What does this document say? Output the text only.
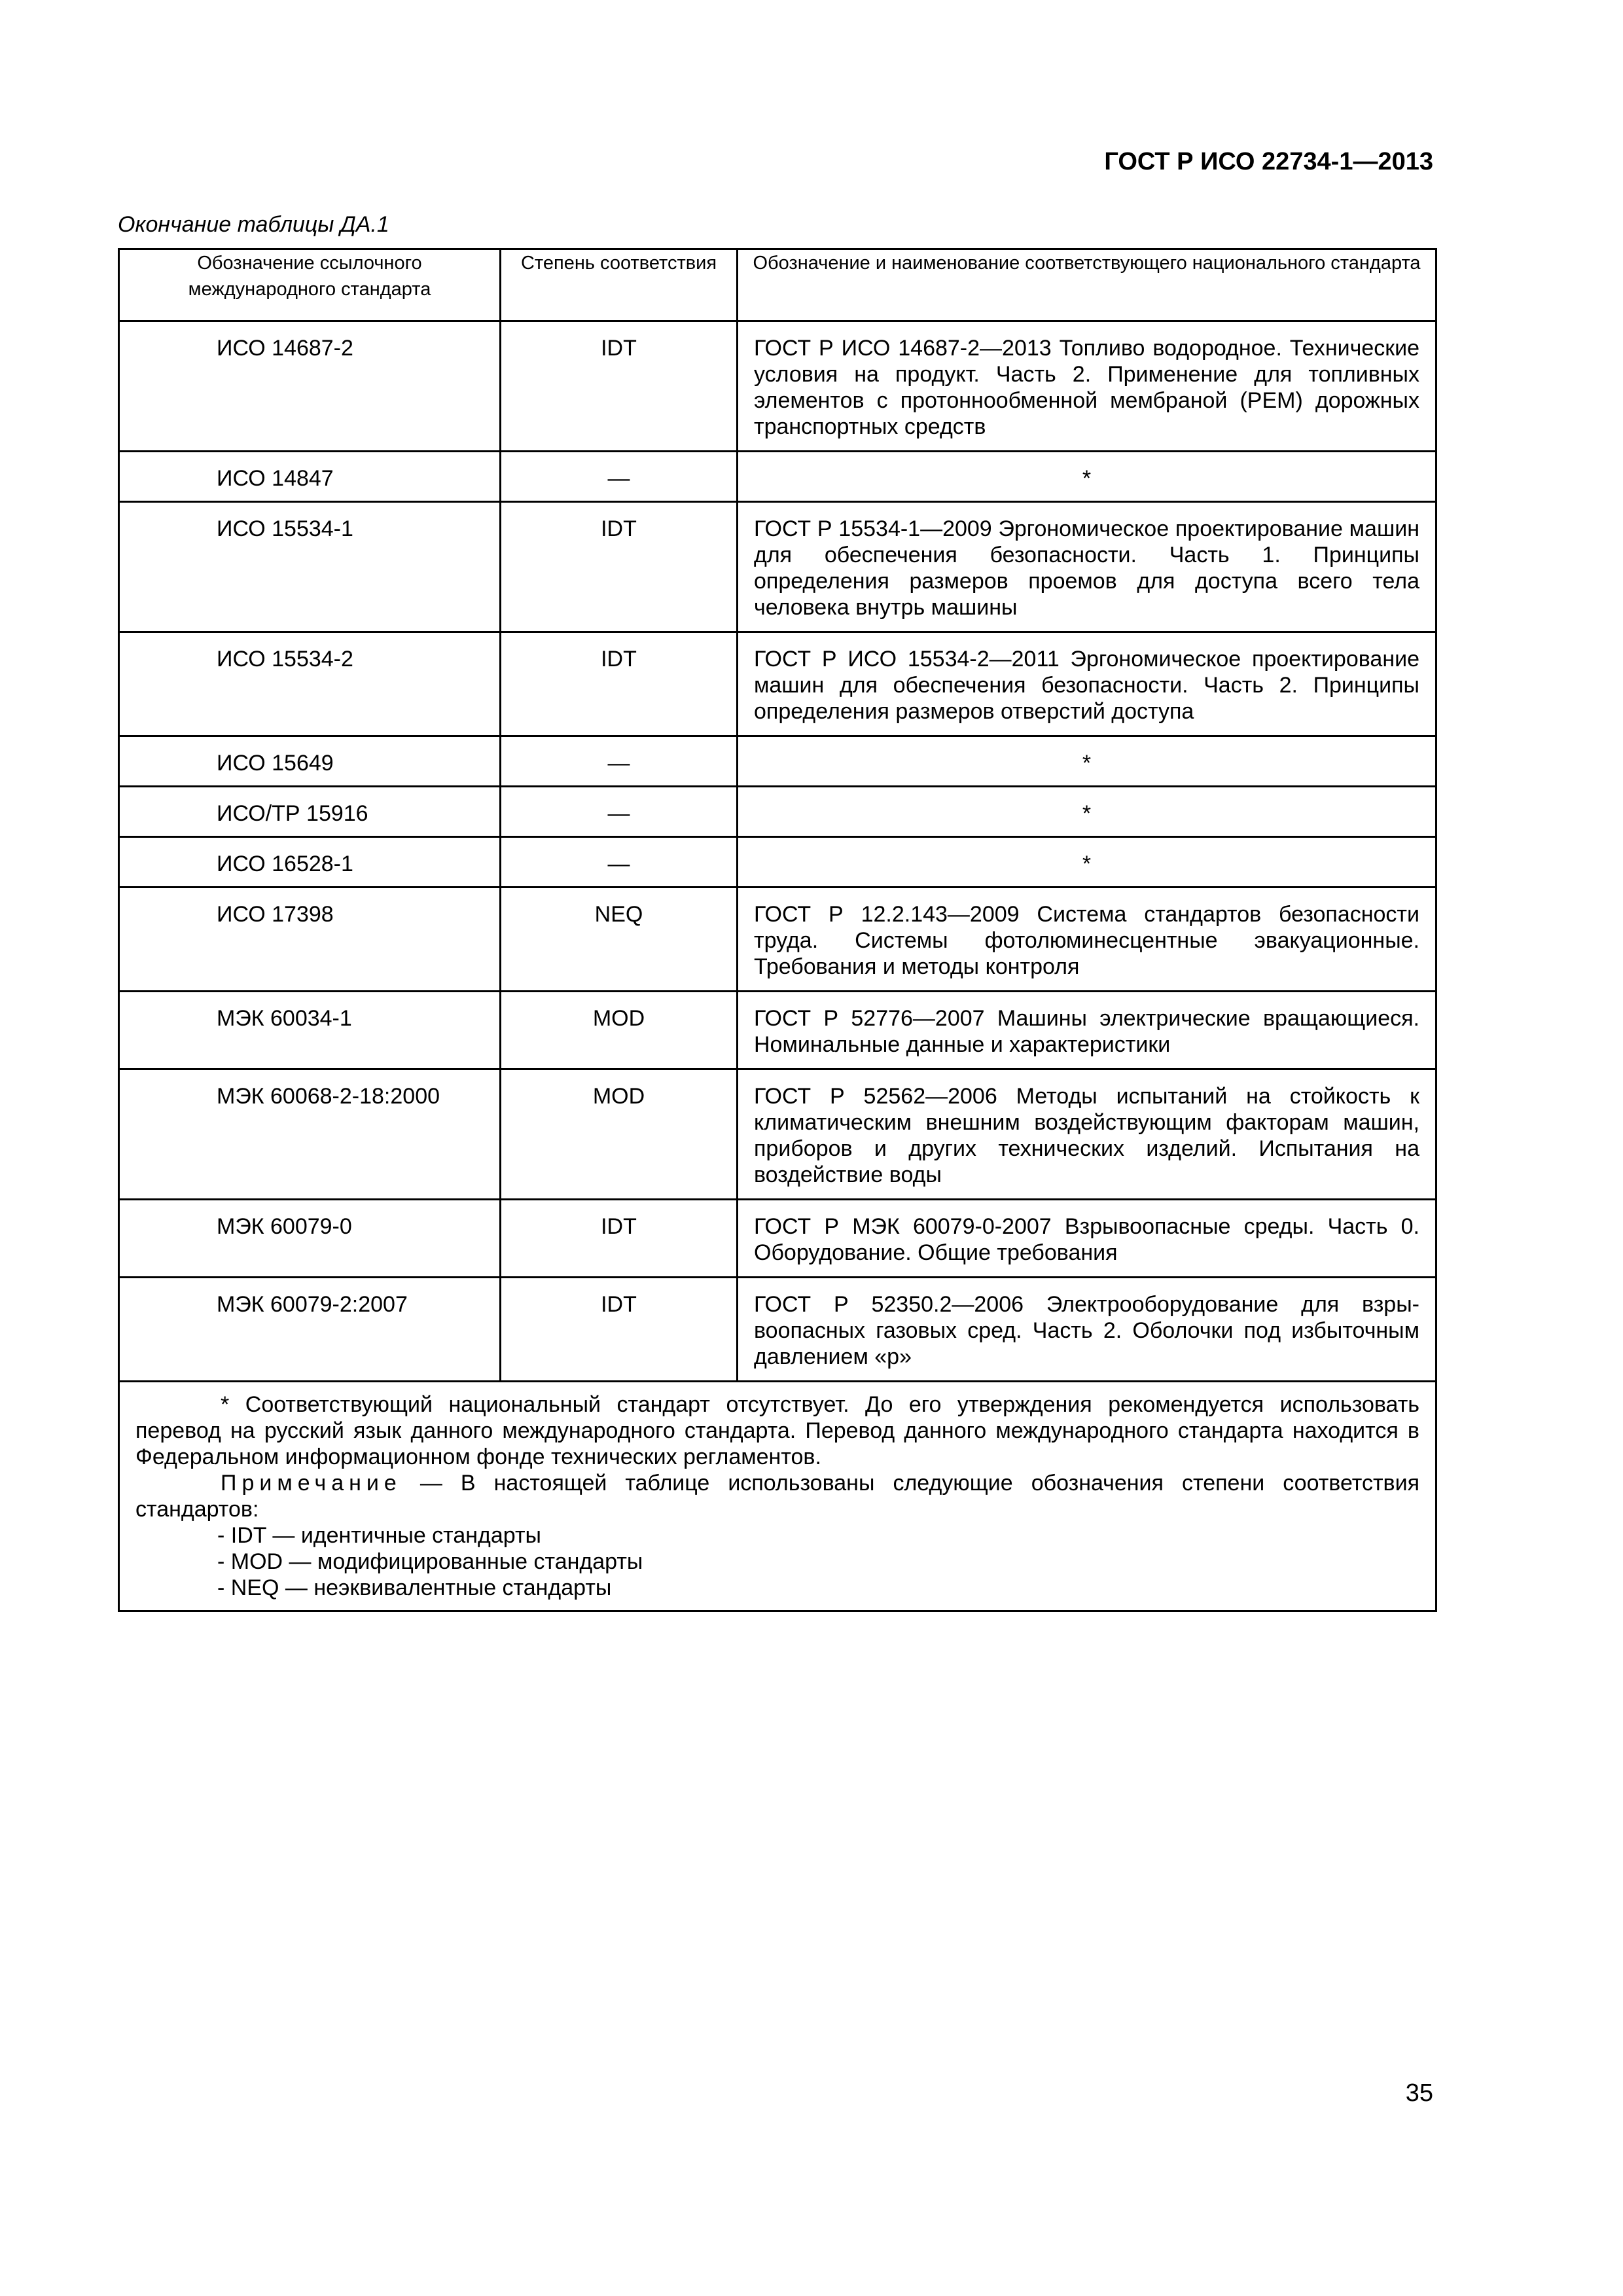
ГОСТ Р ИСО 22734-1—2013
Окончание таблицы ДА.1
Обозначение ссылочного международного стандарта	Степень соответствия	Обозначение и наименование соответствующего национального стандарта
ИСО 14687-2	IDT	ГОСТ Р ИСО 14687-2—2013 Топливо водородное. Технические условия на продукт. Часть 2. Применение для топливных элементов с протоннообменной мембраной (PEM) дорожных транспортных средств
ИСО 14847	—	*
ИСО 15534-1	IDT	ГОСТ Р 15534-1—2009 Эргономическое проектирование машин для обеспечения безопасности. Часть 1. Принципы определения размеров проемов для доступа всего тела человека внутрь машины
ИСО 15534-2	IDT	ГОСТ Р ИСО 15534-2—2011 Эргономическое проектирование машин для обеспечения безопасности. Часть 2. Принципы определения размеров отверстий доступа
ИСО 15649	—	*
ИСО/ТР 15916	—	*
ИСО 16528-1	—	*
ИСО 17398	NEQ	ГОСТ Р 12.2.143—2009 Система стандартов безопасности труда. Системы фотолюминесцентные эвакуационные. Требования и методы контроля
МЭК 60034-1	MOD	ГОСТ Р 52776—2007 Машины электрические вращающиеся. Номинальные данные и характеристики
МЭК 60068-2-18:2000	MOD	ГОСТ Р 52562—2006 Методы испытаний на стойкость к климатическим внешним воздействующим факторам машин, приборов и других технических изделий. Испытания на воздействие воды
МЭК 60079-0	IDT	ГОСТ Р МЭК 60079-0-2007 Взрывоопасные среды. Часть 0. Оборудование. Общие требования
МЭК 60079-2:2007	IDT	ГОСТ Р 52350.2—2006 Электрооборудование для взрывоопасных газовых сред. Часть 2. Оболочки под избыточным давлением «р»

* Соответствующий национальный стандарт отсутствует. До его утверждения рекомендуется использовать перевод на русский язык данного международного стандарта. Перевод данного международного стандарта находится в Федеральном информационном фонде технических регламентов.

Примечание — В настоящей таблице использованы следующие обозначения степени соответствия стандартов:

- IDT — идентичные стандарты

- MOD — модифицированные стандарты

- NEQ — неэквивалентные стандарты		

35
